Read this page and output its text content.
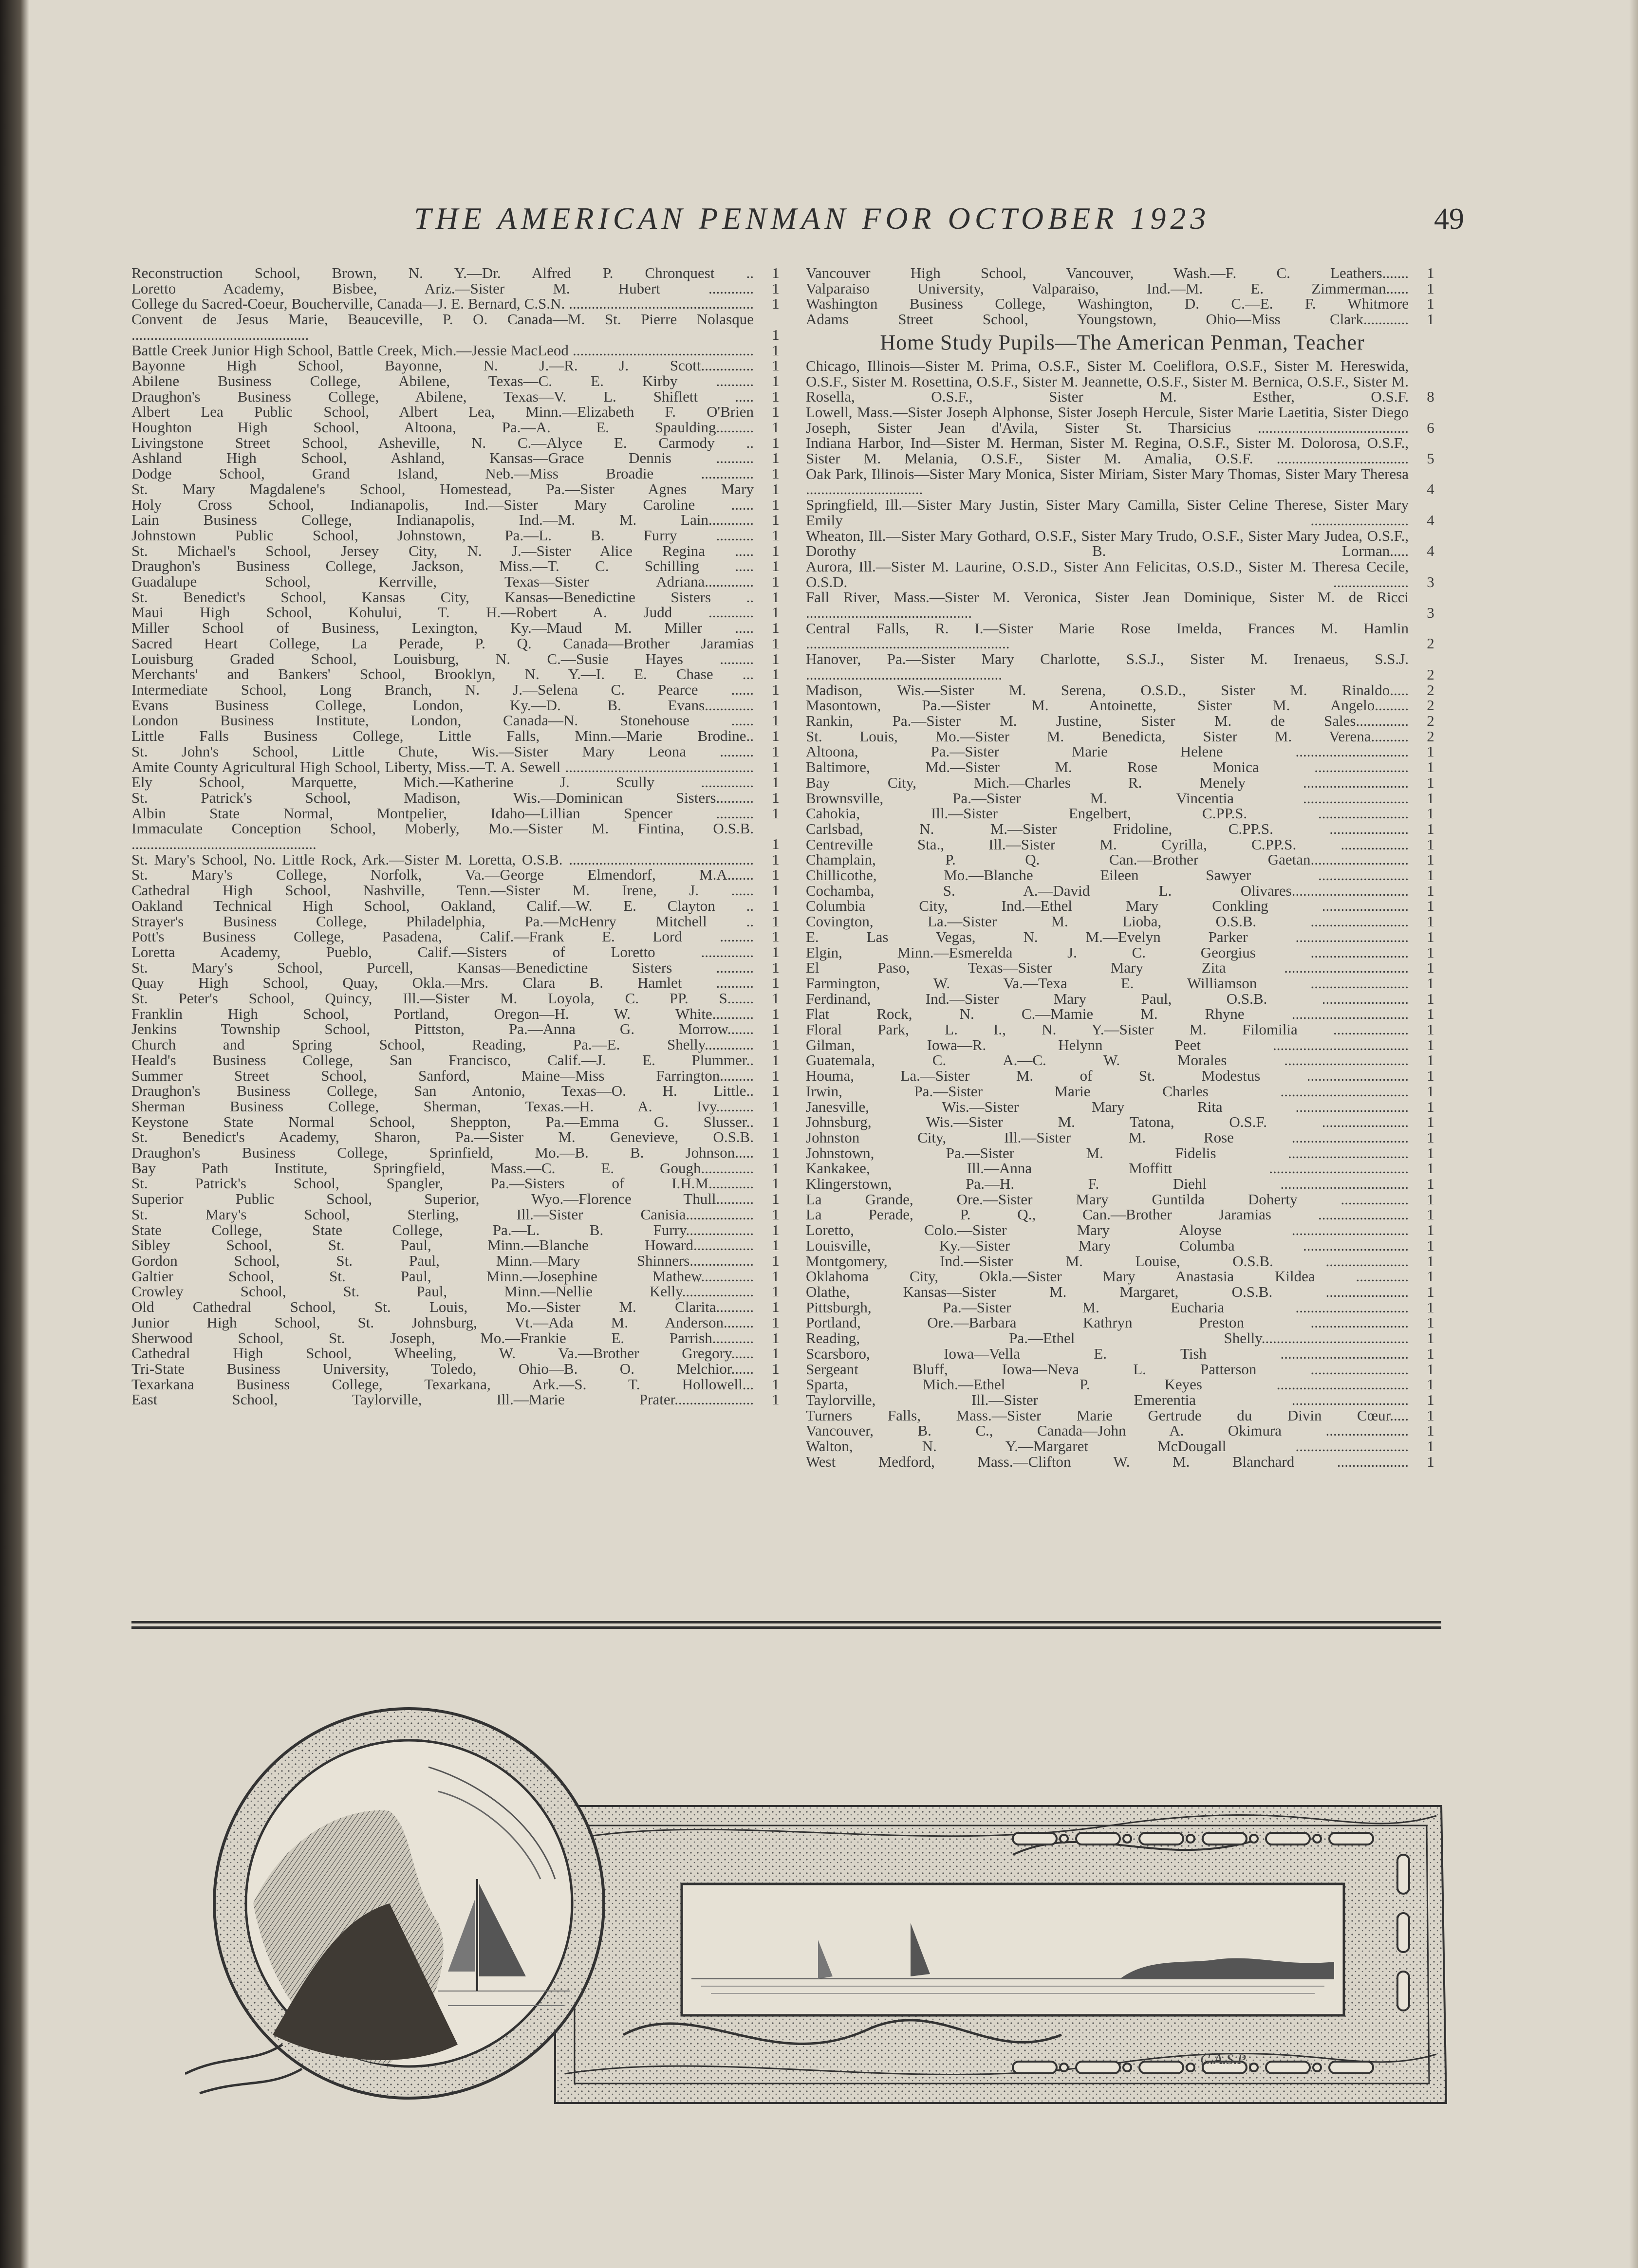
THE AMERICAN PENMAN FOR OCTOBER 1923	49
Reconstruction School, Brown, N. Y.—Dr. Alfred P. Chronquest .. 1
Loretto Academy, Bisbee, Ariz.—Sister M. Hubert ............ 1
College du Sacred-Coeur, Boucherville, Canada—J. E. Bernard, C.S.N. ................................................. 1
Convent de Jesus Marie, Beauceville, P. O. Canada—M. St. Pierre Nolasque ...............................................	1
Battle Creek Junior High School, Battle Creek, Mich.—Jessie MacLeod ................................................ 1
Bayonne High School, Bayonne, N. J.—R. J. Scott.............. 1
Abilene Business College, Abilene, Texas—C. E. Kirby .......... 1
Draughon's Business College, Abilene, Texas—V. L. Shiflett ..... 1
Albert Lea Public School, Albert Lea, Minn.—Elizabeth F. O'Brien 1
Houghton High School, Altoona, Pa.—A. E. Spaulding.......... 1
Livingstone Street School, Asheville, N. C.—Alyce E. Carmody .. 1
Ashland High School, Ashland, Kansas—Grace Dennis .......... 1
Dodge School, Grand Island, Neb.—Miss Broadie .............. 1
St. Mary Magdalene's School, Homestead, Pa.—Sister Agnes Mary 1
Holy Cross School, Indianapolis, Ind.—Sister Mary Caroline ...... 1
Lain Business College, Indianapolis, Ind.—M. M. Lain............ 1
Johnstown Public School, Johnstown, Pa.—L. B. Furry .......... 1
St. Michael's School, Jersey City, N. J.—Sister Alice Regina ..... 1
Draughon's Business College, Jackson, Miss.—T. C. Schilling ..... 1
Guadalupe School, Kerrville, Texas—Sister Adriana............. 1
St. Benedict's School, Kansas City, Kansas—Benedictine Sisters .. 1
Maui High School, Kohului, T. H.—Robert A. Judd ............ 1
Miller School of Business, Lexington, Ky.—Maud M. Miller ..... 1
Sacred Heart College, La Perade, P. Q. Canada—Brother Jaramias 1
Louisburg Graded School, Louisburg, N. C.—Susie Hayes ......... 1
Merchants' and Bankers' School, Brooklyn, N. Y.—I. E. Chase ... 1
Intermediate School, Long Branch, N. J.—Selena C. Pearce ...... 1
Evans Business College, London, Ky.—D. B. Evans............. 1
London Business Institute, London, Canada—N. Stonehouse ...... 1
Little Falls Business College, Little Falls, Minn.—Marie Brodine.. 1
St. John's School, Little Chute, Wis.—Sister Mary Leona ......... 1
Amite County Agricultural High School, Liberty, Miss.—T. A. Sewell .................................................. 1
Ely School, Marquette, Mich.—Katherine J. Scully .............. 1
St. Patrick's School, Madison, Wis.—Dominican Sisters.......... 1
Albin State Normal, Montpelier, Idaho—Lillian Spencer .......... 1
Immaculate Conception School, Moberly, Mo.—Sister M. Fintina, O.S.B. .................................................	1
St. Mary's School, No. Little Rock, Ark.—Sister M. Loretta, O.S.B. ................................................. 1
St. Mary's College, Norfolk, Va.—George Elmendorf, M.A....... 1
Cathedral High School, Nashville, Tenn.—Sister M. Irene, J. ...... 1
Oakland Technical High School, Oakland, Calif.—W. E. Clayton .. 1
Strayer's Business College, Philadelphia, Pa.—McHenry Mitchell .. 1
Pott's Business College, Pasadena, Calif.—Frank E. Lord ......... 1
Loretta Academy, Pueblo, Calif.—Sisters of Loretto .............. 1
St. Mary's School, Purcell, Kansas—Benedictine Sisters .......... 1
Quay High School, Quay, Okla.—Mrs. Clara B. Hamlet .......... 1
St. Peter's School, Quincy, Ill.—Sister M. Loyola, C. PP. S....... 1
Franklin High School, Portland, Oregon—H. W. White........... 1
Jenkins Township School, Pittston, Pa.—Anna G. Morrow....... 1
Church and Spring School, Reading, Pa.—E. Shelly............. 1
Heald's Business College, San Francisco, Calif.—J. E. Plummer.. 1
Summer Street School, Sanford, Maine—Miss Farrington......... 1
Draughon's Business College, San Antonio, Texas—O. H. Little.. 1
Sherman Business College, Sherman, Texas.—H. A. Ivy.......... 1
Keystone State Normal School, Sheppton, Pa.—Emma G. Slusser.. 1
St. Benedict's Academy, Sharon, Pa.—Sister M. Genevieve, O.S.B. 1
Draughon's Business College, Sprinfield, Mo.—B. B. Johnson..... 1
Bay Path Institute, Springfield, Mass.—C. E. Gough.............. 1
St. Patrick's School, Spangler, Pa.—Sisters of I.H.M............ 1
Superior Public School, Superior, Wyo.—Florence Thull.......... 1
St. Mary's School, Sterling, Ill.—Sister Canisia.................. 1
State College, State College, Pa.—L. B. Furry.................. 1
Sibley School, St. Paul, Minn.—Blanche Howard................ 1
Gordon School, St. Paul, Minn.—Mary Shinners................. 1
Galtier School, St. Paul, Minn.—Josephine Mathew.............. 1
Crowley School, St. Paul, Minn.—Nellie Kelly................... 1
Old Cathedral School, St. Louis, Mo.—Sister M. Clarita.......... 1
Junior High School, St. Johnsburg, Vt.—Ada M. Anderson........ 1
Sherwood School, St. Joseph, Mo.—Frankie E. Parrish........... 1
Cathedral High School, Wheeling, W. Va.—Brother Gregory...... 1
Tri-State Business University, Toledo, Ohio—B. O. Melchior...... 1
Texarkana Business College, Texarkana, Ark.—S. T. Hollowell... 1
East School, Taylorville, Ill.—Marie Prater..................... 1
Vancouver High School, Vancouver, Wash.—F. C. Leathers....... 1
Valparaiso University, Valparaiso, Ind.—M. E. Zimmerman...... 1
Washington Business College, Washington, D. C.—E. F. Whitmore 1
Adams Street School, Youngstown, Ohio—Miss Clark............ 1
Home Study Pupils—The American Penman, Teacher
Chicago, Illinois—Sister M. Prima, O.S.F., Sister M. Coeliflora, O.S.F., Sister M. Hereswida, O.S.F., Sister M. Rosettina, O.S.F., Sister M. Jeannette, O.S.F., Sister M. Bernica, O.S.F., Sister M. Rosella, O.S.F., Sister M. Esther, O.S.F. 8
Lowell, Mass.—Sister Joseph Alphonse, Sister Joseph Hercule, Sister Marie Laetitia, Sister Diego Joseph, Sister Jean d'Avila, Sister St. Tharsicius ........................................ 6
Indiana Harbor, Ind—Sister M. Herman, Sister M. Regina, O.S.F., Sister M. Dolorosa, O.S.F., Sister M. Melania, O.S.F., Sister M. Amalia, O.S.F. ................................... 5
Oak Park, Illinois—Sister Mary Monica, Sister Miriam, Sister Mary Thomas, Sister Mary Theresa ...............................	4
Springfield, Ill.—Sister Mary Justin, Sister Mary Camilla, Sister Celine Therese, Sister Mary Emily .......................... 4
Wheaton, Ill.—Sister Mary Gothard, O.S.F., Sister Mary Trudo, O.S.F., Sister Mary Judea, O.S.F., Dorothy B. Lorman..... 4
Aurora, Ill.—Sister M. Laurine, O.S.D., Sister Ann Felicitas, O.S.D., Sister M. Theresa Cecile, O.S.D. .................... 3
Fall River, Mass.—Sister M. Veronica, Sister Jean Dominique, Sister M. de Ricci ............................................	3
Central Falls, R. I.—Sister Marie Rose Imelda, Frances M. Hamlin ......................................................	2
Hanover, Pa.—Sister Mary Charlotte, S.S.J., Sister M. Irenaeus, S.S.J. ....................................................	2
Madison, Wis.—Sister M. Serena, O.S.D., Sister M. Rinaldo..... 2
Masontown, Pa.—Sister M. Antoinette, Sister M. Angelo......... 2
Rankin, Pa.—Sister M. Justine, Sister M. de Sales.............. 2
St. Louis, Mo.—Sister M. Benedicta, Sister M. Verena.......... 2
Altoona, Pa.—Sister Marie Helene .............................. 1
Baltimore, Md.—Sister M. Rose Monica ......................... 1
Bay City, Mich.—Charles R. Menely ............................ 1
Brownsville, Pa.—Sister M. Vincentia ............................ 1
Cahokia, Ill.—Sister Engelbert, C.PP.S. ........................ 1
Carlsbad, N. M.—Sister Fridoline, C.PP.S. ..................... 1
Centreville Sta., Ill.—Sister M. Cyrilla, C.PP.S. .................. 1
Champlain, P. Q. Can.—Brother Gaetan.......................... 1
Chillicothe, Mo.—Blanche Eileen Sawyer ........................ 1
Cochamba, S. A.—David L. Olivares............................... 1
Columbia City, Ind.—Ethel Mary Conkling ....................... 1
Covington, La.—Sister M. Lioba, O.S.B. .......................... 1
E. Las Vegas, N. M.—Evelyn Parker .............................. 1
Elgin, Minn.—Esmerelda J. C. Georgius .......................... 1
El Paso, Texas—Sister Mary Zita ................................. 1
Farmington, W. Va.—Texa E. Williamson .......................... 1
Ferdinand, Ind.—Sister Mary Paul, O.S.B. ....................... 1
Flat Rock, N. C.—Mamie M. Rhyne ............................... 1
Floral Park, L. I., N. Y.—Sister M. Filomilia .................... 1
Gilman, Iowa—R. Helynn Peet .................................... 1
Guatemala, C. A.—C. W. Morales ................................. 1
Houma, La.—Sister M. of St. Modestus ........................... 1
Irwin, Pa.—Sister Marie Charles .................................. 1
Janesville, Wis.—Sister Mary Rita .............................. 1
Johnsburg, Wis.—Sister M. Tatona, O.S.F. ....................... 1
Johnston City, Ill.—Sister M. Rose ............................... 1
Johnstown, Pa.—Sister M. Fidelis ................................ 1
Kankakee, Ill.—Anna Moffitt ..................................... 1
Klingerstown, Pa.—H. F. Diehl .................................. 1
La Grande, Ore.—Sister Mary Guntilda Doherty .................. 1
La Perade, P. Q., Can.—Brother Jaramias ........................ 1
Loretto, Colo.—Sister Mary Aloyse ............................... 1
Louisville, Ky.—Sister Mary Columba ............................ 1
Montgomery, Ind.—Sister M. Louise, O.S.B. ...................... 1
Oklahoma City, Okla.—Sister Mary Anastasia Kildea .............. 1
Olathe, Kansas—Sister M. Margaret, O.S.B. ...................... 1
Pittsburgh, Pa.—Sister M. Eucharia .............................. 1
Portland, Ore.—Barbara Kathryn Preston .......................... 1
Reading, Pa.—Ethel Shelly....................................... 1
Scarsboro, Iowa—Vella E. Tish .................................. 1
Sergeant Bluff, Iowa—Neva L. Patterson .......................... 1
Sparta, Mich.—Ethel P. Keyes ................................... 1
Taylorville, Ill.—Sister Emerentia ............................... 1
Turners Falls, Mass.—Sister Marie Gertrude du Divin Cœur..... 1
Vancouver, B. C., Canada—John A. Okimura ...................... 1
Walton, N. Y.—Margaret McDougall .............................. 1
West Medford, Mass.—Clifton W. M. Blanchard ................... 1
C.A.S.P.
